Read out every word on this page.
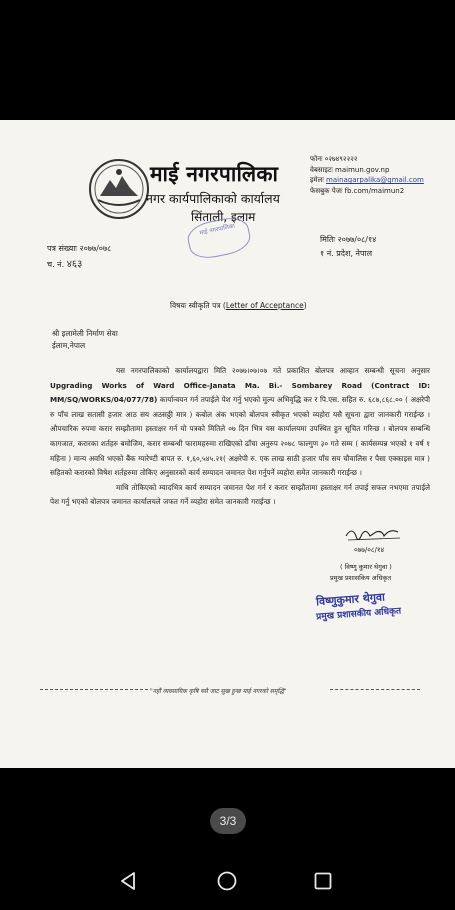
माई नगरपालिका
नगर कार्यपालिकाको कार्यालय
सिंताली, इलाम
फोनः ०२७४९२२२२
वेबसाइटः maimun.gov.np
इमेलः mainagarpalika@gmail.com
फेसबुक पेजः fb.com/maimun2
माई नगरपालिका
पत्र संख्याः २०७७/०७८
च. नं. ४६३
मितिः २०७७/०८/१४
१ नं. प्रदेश, नेपाल
विषयः स्वीकृति पत्र (Letter of Acceptance)
श्री इलामेली निर्माण सेवा
ईलाम,नेपाल

यस नगरपालिकाको कार्यालयद्वारा मिति २०७७।०७।०७ गते प्रकाशित बोलपत्र आव्हान सम्बन्धी सूचना अनुसार Upgrading Works of Ward Office-Janata Ma. Bi.- Sombarey Road (Contract ID: MM/SQ/WORKS/04/077/78) कार्यान्वयन गर्न तपाईले पेश गर्नु भएको मुल्य अभिवृद्धि कर र पि.एस. सहित रु. ६८७,८६८.०० ( अक्षरेपी रु पाँच लाख सतासी हजार आठ सय अठसठ्ठी मात्र ) कबोल अंक भएको बोलपत्र स्वीकृत भएको व्यहोरा यसै सूचना द्वारा जानकारी गराईन्छ ।औपचारिक रुपमा करार सम्झौतामा हस्ताक्षर गर्न यो पत्रको मितिले ०७ दिन भित्र यस कार्यालयमा उपस्थित हुन सूचित गरिन्छ । बोलपत्र सम्बन्धि कागजात, करारका शर्तहरु बमोजिम, करार सम्बन्धी फारामहरुमा राखिएको ढाँचा अनुरुप २०७८ फाल्गुण ३० गते सम्म ( कार्यसम्पन्न भएको १ वर्ष १ महिना ) मान्य अवधि भएको बैंक ग्यारेण्टी बापत रु. १,६०,५४५.२१( अक्षरेपी रु. एक लाख साठी हजार पाँच सय चौवालिस र पैसा एक्काइस मात्र ) सहितको करारको विषेश शर्तहरुमा तोकिए अनुसारको कार्य सम्पादन जमानत पेश गर्नुपर्ने व्यहोरा समेत जानकारी गराईन्छ ।

माथि तोकिएको म्यादभित्र कार्य सम्पादन जमानत पेश गर्न र करार सम्झौतामा हस्ताक्षर गर्न तपाई सफल नभएमा तपाईले पेश गर्नु भएको बोलपत्र जमानत कार्यालयले जफत गर्ने व्यहोरा समेत जानकारी गराईन्छ ।

०७७/०८/१४
( विष्णु कुमार थेगुवा )
प्रमुख प्रशासकिय अधिकृत
विष्णुकुमार थेगुवा
प्रमुख प्रशासकीय अधिकृत
"नहौं व्यवसायिक कृषि यसै जाट सुख हुन्छ माई नगरको समृद्धि"
3/3
